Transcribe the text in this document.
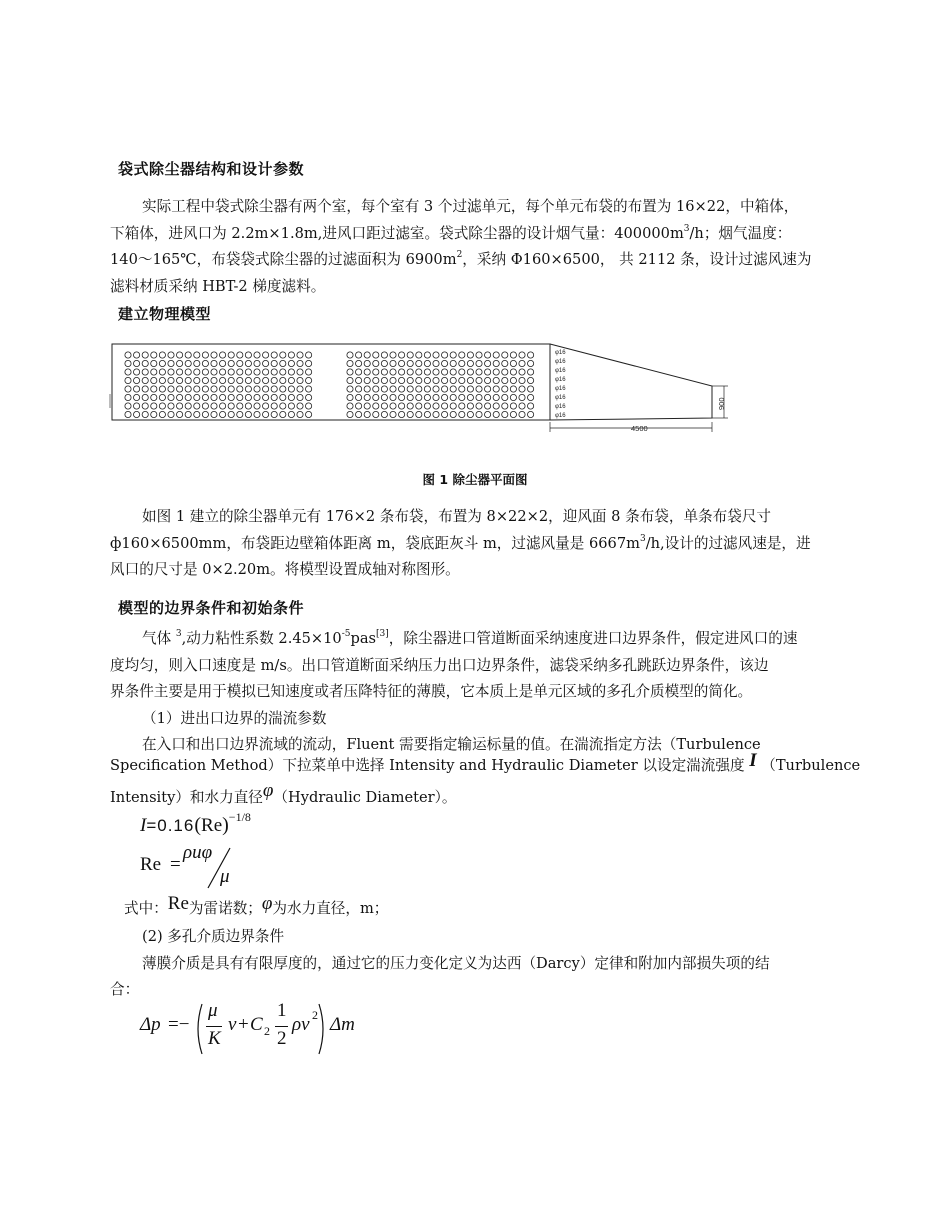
袋式除尘器结构和设计参数
实际工程中袋式除尘器有两个室，每个室有 3 个过滤单元，每个单元布袋的布置为 16×22，中箱体，
下箱体，进风口为 2.2m×1.8m,进风口距过滤室。袋式除尘器的设计烟气量：$400000m^3/h$；烟气温度：
140～165℃，布袋袋式除尘器的过滤面积为 $6900m^2$，采纳 Φ160×6500， 共 2112 条，设计过滤风速为
滤料材质采纳 HBT-2 梯度滤料。
建立物理模型
φ16
φ16
φ16
φ16
φ16
φ16
φ16
φ16
4500
900
图 1 除尘器平面图
如图 1 建立的除尘器单元有 176×2 条布袋，布置为 8×22×2，迎风面 8 条布袋，单条布袋尺寸
ф160×6500mm，布袋距边壁箱体距离 m，袋底距灰斗 m，过滤风量是 $6667m^3/h$,设计的过滤风速是，进
风口的尺寸是 0×2.20m。将模型设置成轴对称图形。
模型的边界条件和初始条件
气体 $^3$,动力粘性系数 $2.45\times 10^{-5}pas[3]$，除尘器进口管道断面采纳速度进口边界条件，假定进风口的速
度均匀，则入口速度是 m/s。出口管道断面采纳压力出口边界条件，滤袋采纳多孔跳跃边界条件，该边
界条件主要是用于模拟已知速度或者压降特征的薄膜，它本质上是单元区域的多孔介质模型的简化。
（1）进出口边界的湍流参数
在入口和出口边界流域的流动，Fluent 需要指定输运标量的值。在湍流指定方法（Turbulence
Specification Method）下拉菜单中选择 Intensity and Hydraulic Diameter 以设定湍流强度 I （Turbulence
Intensity）和水力直径φ（Hydraulic Diameter）。
$I=0.16(Re)^{-1/8}$
Re =
ρuφ
μ
式中：Re为雷诺数；φ为水力直径，m；
(2) 多孔介质边界条件
薄膜介质是具有有限厚度的，通过它的压力变化定义为达西（Darcy）定律和附加内部损失项的结
合：
Δp =−
μ
K
v + C 2
1
2
ρv 2 Δm
